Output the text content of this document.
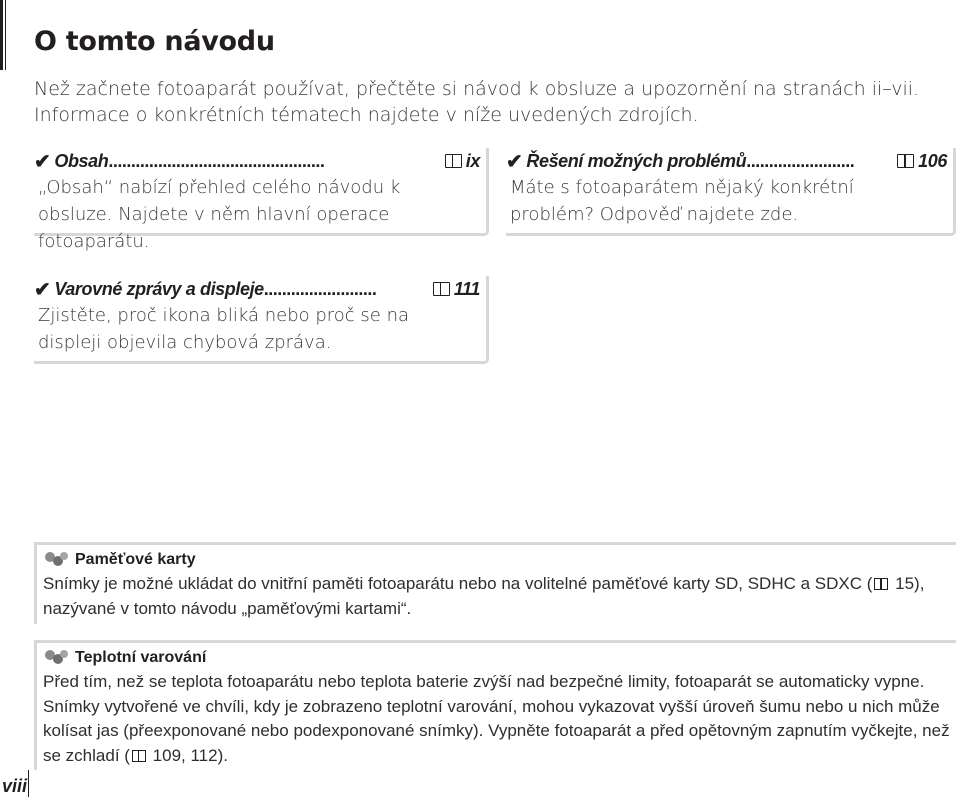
O tomto návodu
Než začnete fotoaparát používat, přečtěte si návod k obsluze a upozornění na stranách ii–vii. Informace o konkrétních tématech najdete v níže uvedených zdrojích.
✔ Obsah ................................................	ix
„Obsah“ nabízí přehled celého návodu k obsluze. Najdete v něm hlavní operace fotoaparátu.
✔ Řešení možných problémů ........................	106
Máte s fotoaparátem nějaký konkrétní problém? Odpověď najdete zde.
✔ Varovné zprávy a displeje .........................	111
Zjistěte, proč ikona bliká nebo proč se na displeji objevila chybová zpráva.
Paměťové karty
Snímky je možné ukládat do vnitřní paměti fotoaparátu nebo na volitelné paměťové karty SD, SDHC a SDXC ( 15), nazývané v tomto návodu „paměťovými kartami“.
Teplotní varování
Před tím, než se teplota fotoaparátu nebo teplota baterie zvýší nad bezpečné limity, fotoaparát se automaticky vypne. Snímky vytvořené ve chvíli, kdy je zobrazeno teplotní varování, mohou vykazovat vyšší úroveň šumu nebo u nich může kolísat jas (přeexponované nebo podexponované snímky). Vypněte fotoaparát a před opětovným zapnutím vyčkejte, než se zchladí ( 109, 112).
viii
